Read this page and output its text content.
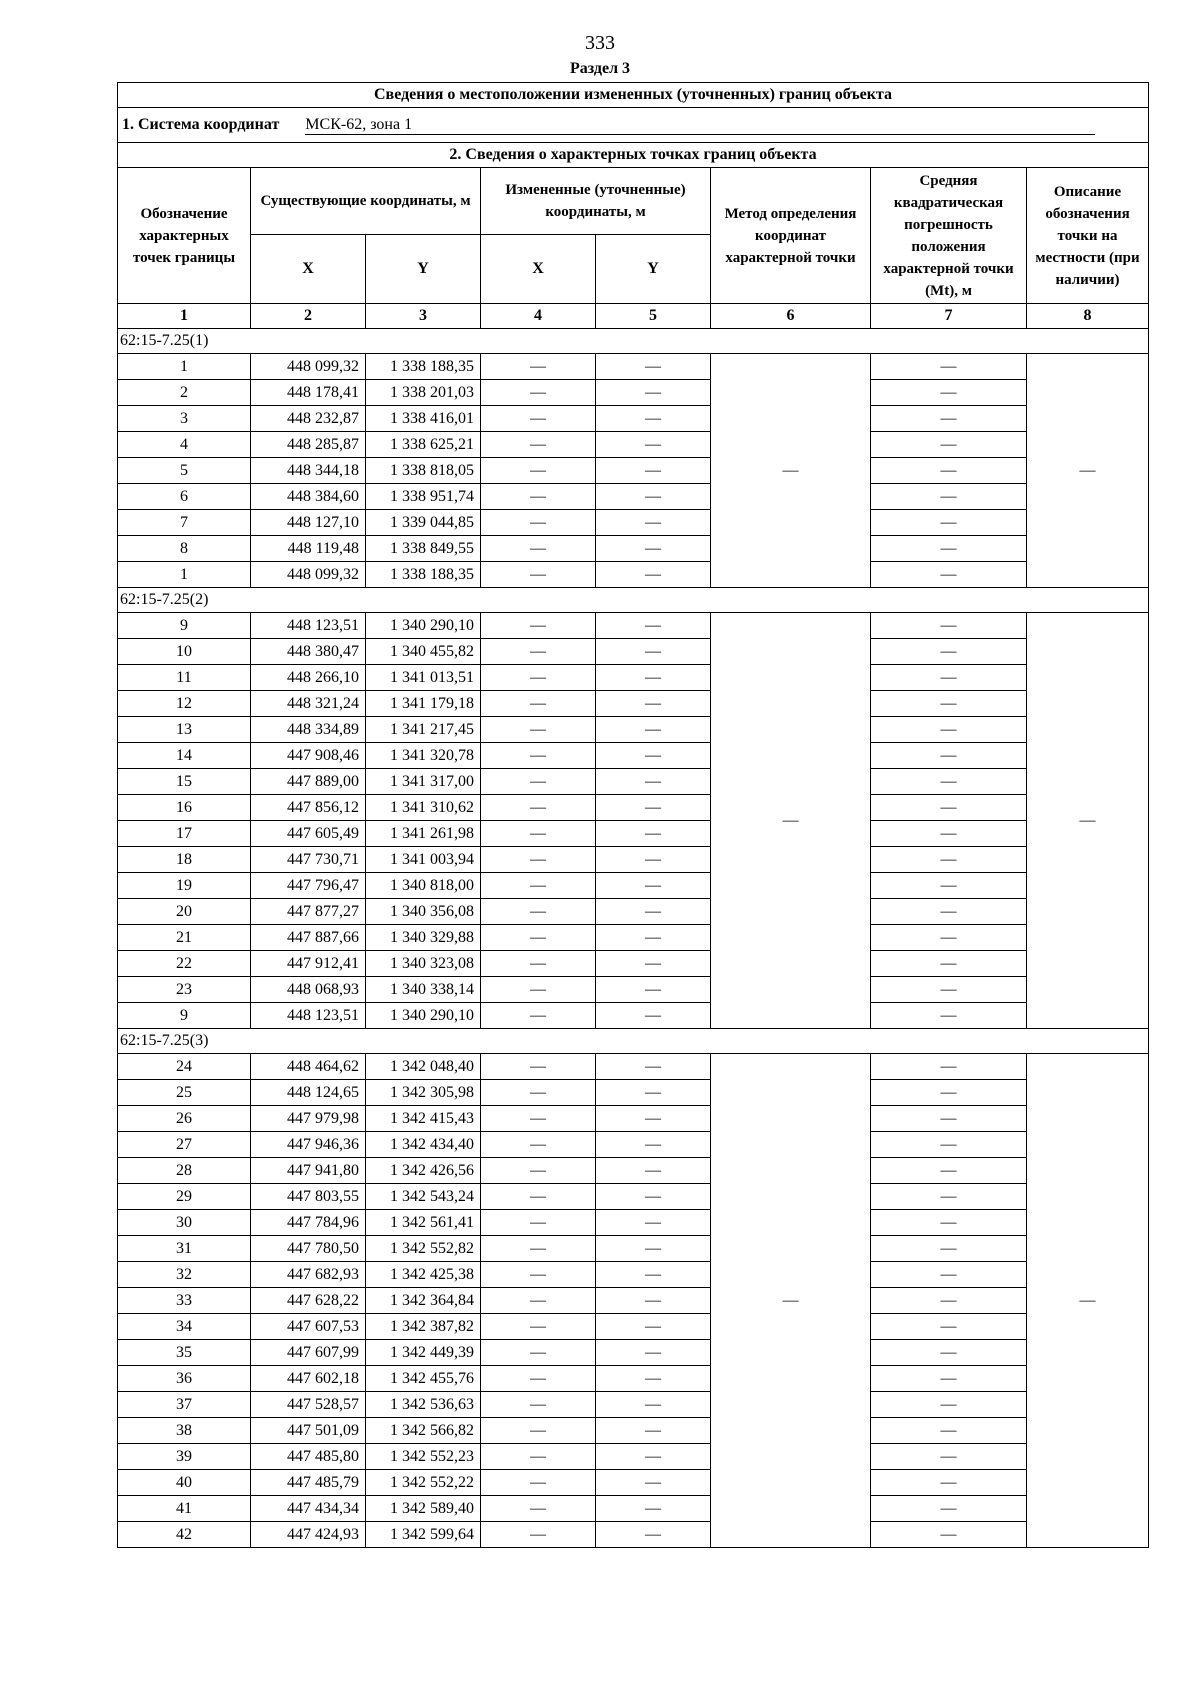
333
Раздел 3
Сведения о местоположении измененных (уточненных) границ объекта							
1. Система координат МСК-62, зона 1							
2. Сведения о характерных точках границ объекта							
Обозначение характерных точек границы	Существующие координаты, м		Измененные (уточненные) координаты, м		Метод определения координат характерной точки	Средняя квадратическая погрешность положения характерной точки (Mt), м	Описание обозначения точки на местности (при наличии)
	X	Y	X	Y			
1	2	3	4	5	6	7	8
62:15-7.25(1)							
1	448 099,32	1 338 188,35	—	—	—	—	—
2	448 178,41	1 338 201,03	—	—		—	
3	448 232,87	1 338 416,01	—	—		—	
4	448 285,87	1 338 625,21	—	—		—	
5	448 344,18	1 338 818,05	—	—		—	
6	448 384,60	1 338 951,74	—	—		—	
7	448 127,10	1 339 044,85	—	—		—	
8	448 119,48	1 338 849,55	—	—		—	
1	448 099,32	1 338 188,35	—	—		—	
62:15-7.25(2)							
9	448 123,51	1 340 290,10	—	—	—	—	—
10	448 380,47	1 340 455,82	—	—		—	
11	448 266,10	1 341 013,51	—	—		—	
12	448 321,24	1 341 179,18	—	—		—	
13	448 334,89	1 341 217,45	—	—		—	
14	447 908,46	1 341 320,78	—	—		—	
15	447 889,00	1 341 317,00	—	—		—	
16	447 856,12	1 341 310,62	—	—		—	
17	447 605,49	1 341 261,98	—	—		—	
18	447 730,71	1 341 003,94	—	—		—	
19	447 796,47	1 340 818,00	—	—		—	
20	447 877,27	1 340 356,08	—	—		—	
21	447 887,66	1 340 329,88	—	—		—	
22	447 912,41	1 340 323,08	—	—		—	
23	448 068,93	1 340 338,14	—	—		—	
9	448 123,51	1 340 290,10	—	—		—	
62:15-7.25(3)							
24	448 464,62	1 342 048,40	—	—	—	—	—
25	448 124,65	1 342 305,98	—	—		—	
26	447 979,98	1 342 415,43	—	—		—	
27	447 946,36	1 342 434,40	—	—		—	
28	447 941,80	1 342 426,56	—	—		—	
29	447 803,55	1 342 543,24	—	—		—	
30	447 784,96	1 342 561,41	—	—		—	
31	447 780,50	1 342 552,82	—	—		—	
32	447 682,93	1 342 425,38	—	—		—	
33	447 628,22	1 342 364,84	—	—		—	
34	447 607,53	1 342 387,82	—	—		—	
35	447 607,99	1 342 449,39	—	—		—	
36	447 602,18	1 342 455,76	—	—		—	
37	447 528,57	1 342 536,63	—	—		—	
38	447 501,09	1 342 566,82	—	—		—	
39	447 485,80	1 342 552,23	—	—		—	
40	447 485,79	1 342 552,22	—	—		—	
41	447 434,34	1 342 589,40	—	—		—	
42	447 424,93	1 342 599,64	—	—		—	
